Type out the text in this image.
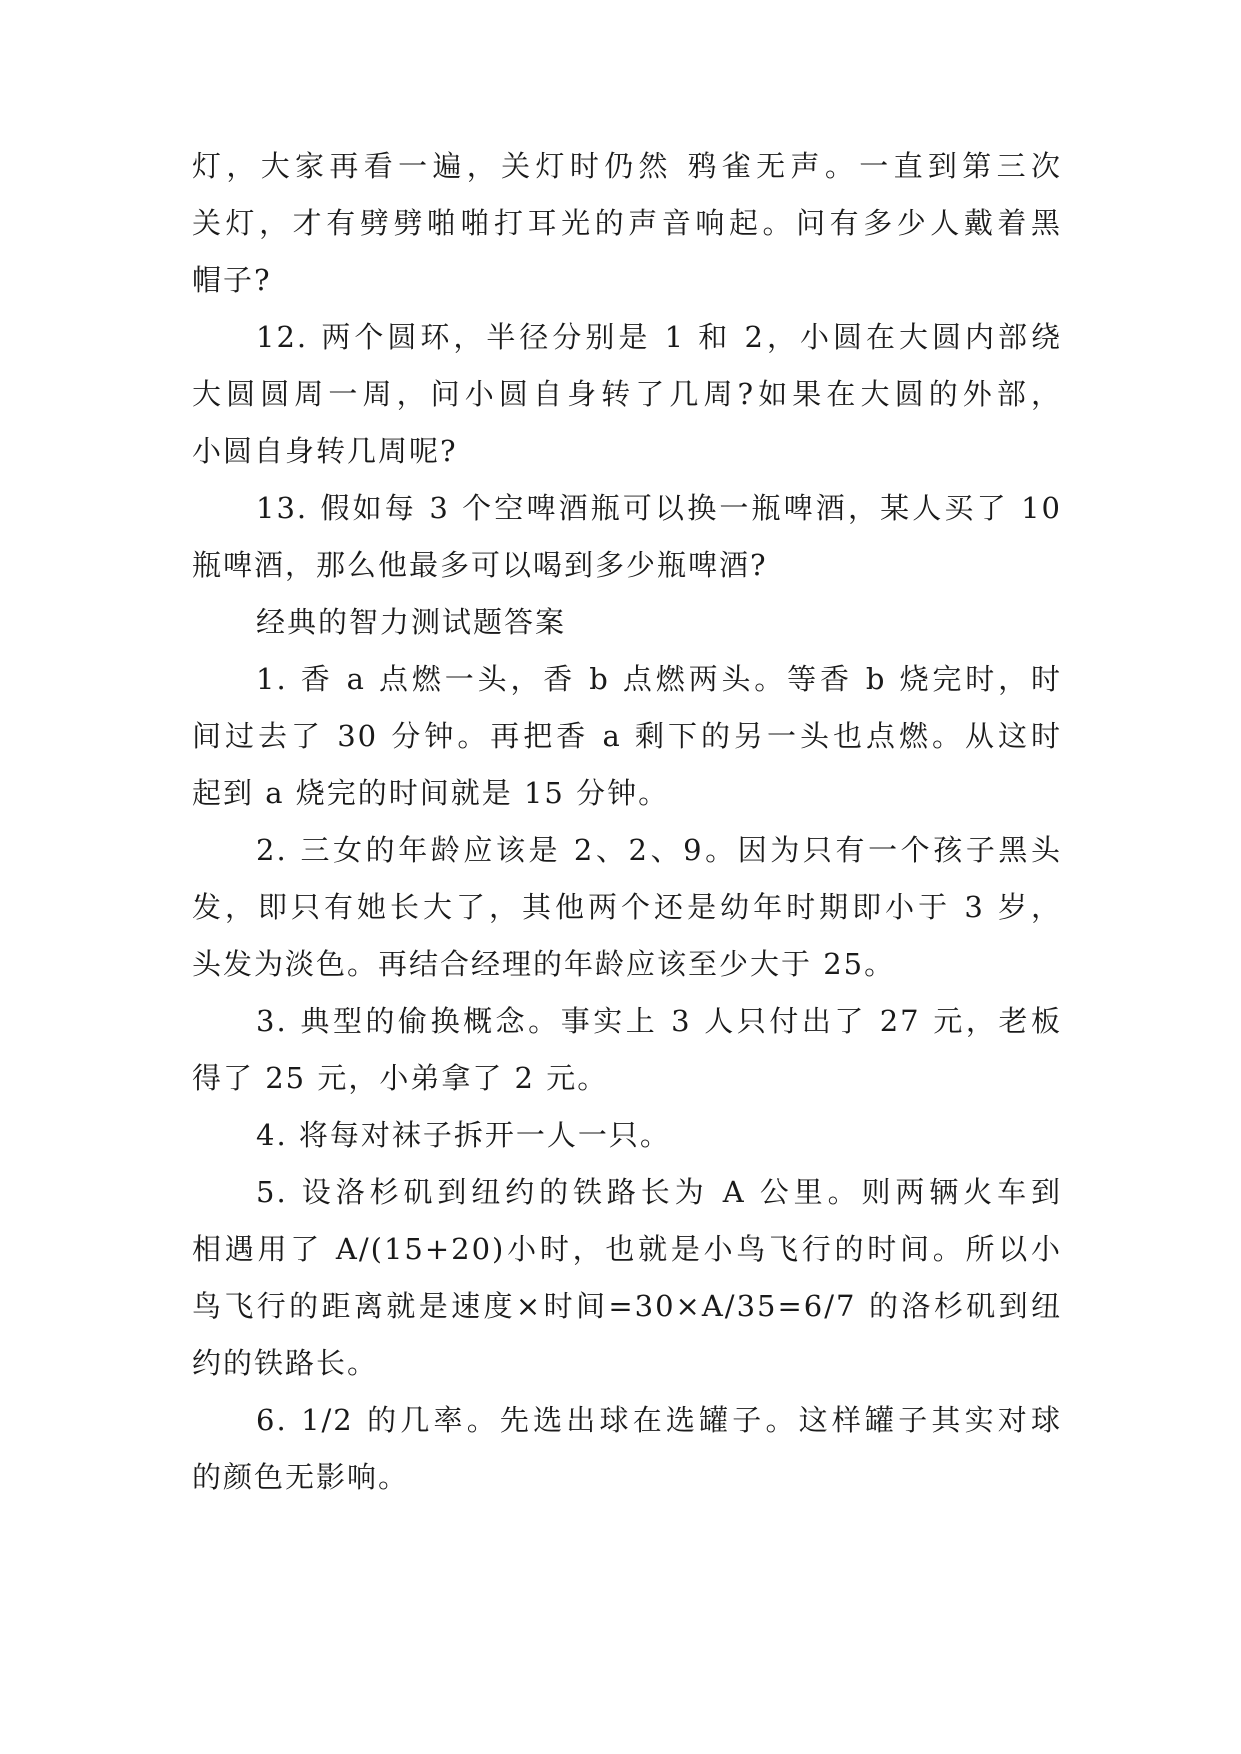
灯，大家再看一遍，关灯时仍然 鸦雀无声。一直到第三次
关灯，才有劈劈啪啪打耳光的声音响起。问有多少人戴着黑
帽子?
12. 两个圆环，半径分别是 1 和 2，小圆在大圆内部绕
大圆圆周一周，问小圆自身转了几周?如果在大圆的外部，
小圆自身转几周呢?
13. 假如每 3 个空啤酒瓶可以换一瓶啤酒，某人买了 10
瓶啤酒，那么他最多可以喝到多少瓶啤酒?
经典的智力测试题答案
1. 香 a 点燃一头，香 b 点燃两头。等香 b 烧完时，时
间过去了 30 分钟。再把香 a 剩下的另一头也点燃。从这时
起到 a 烧完的时间就是 15 分钟。
2. 三女的年龄应该是 2、2、9。因为只有一个孩子黑头
发，即只有她长大了，其他两个还是幼年时期即小于 3 岁，
头发为淡色。再结合经理的年龄应该至少大于 25。
3. 典型的偷换概念。事实上 3 人只付出了 27 元，老板
得了 25 元，小弟拿了 2 元。
4. 将每对袜子拆开一人一只。
5. 设洛杉矶到纽约的铁路长为 A 公里。则两辆火车到
相遇用了 A/(15+20)小时，也就是小鸟飞行的时间。所以小
鸟飞行的距离就是速度×时间=30×A/35=6/7 的洛杉矶到纽
约的铁路长。
6. 1/2 的几率。先选出球在选罐子。这样罐子其实对球
的颜色无影响。
